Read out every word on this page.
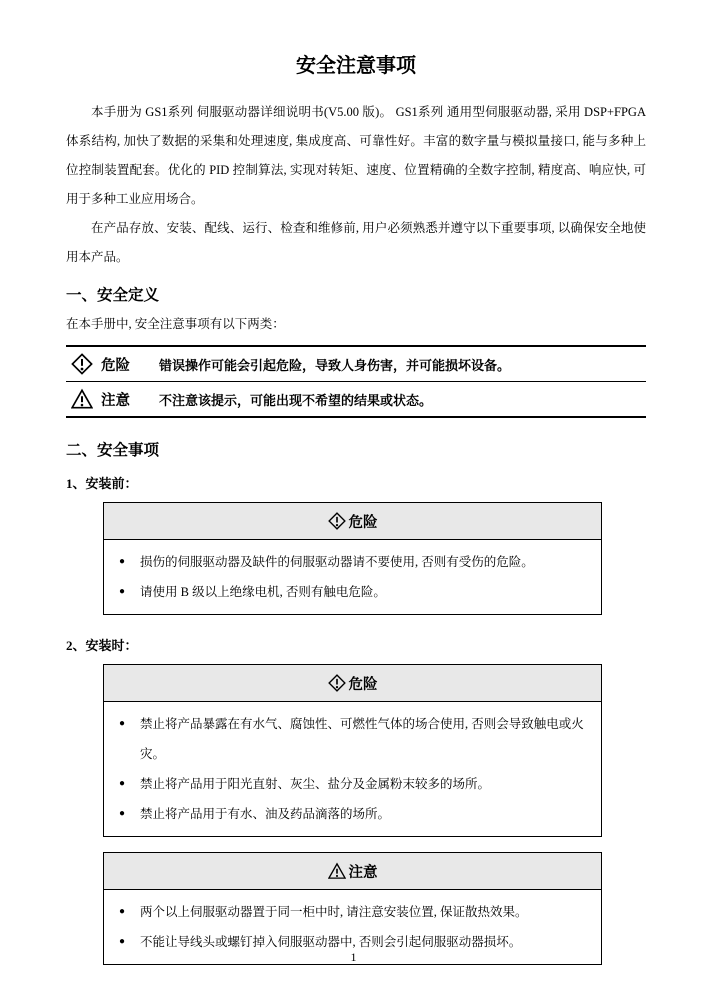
安全注意事项

本手册为 GS1系列 伺服驱动器详细说明书(V5.00 版)。 GS1系列 通用型伺服驱动器, 采用 DSP+FPGA 体系结构, 加快了数据的采集和处理速度, 集成度高、可靠性好。丰富的数字量与模拟量接口, 能与多种上位控制装置配套。优化的 PID 控制算法, 实现对转矩、速度、位置精确的全数字控制, 精度高、响应快, 可用于多种工业应用场合。

在产品存放、安装、配线、运行、检查和维修前, 用户必须熟悉并遵守以下重要事项, 以确保安全地使用本产品。

一、安全定义

在本手册中, 安全注意事项有以下两类：

危险	错误操作可能会引起危险，导致人身伤害，并可能损坏设备。
注意	不注意该提示，可能出现不希望的结果或状态。
二、安全事项

1、安装前：

危险
●	损伤的伺服驱动器及缺件的伺服驱动器请不要使用, 否则有受伤的危险。
●	请使用 B 级以上绝缘电机, 否则有触电危险。

2、安装时：

危险
●	禁止将产品暴露在有水气、腐蚀性、可燃性气体的场合使用, 否则会导致触电或火灾。
●	禁止将产品用于阳光直射、灰尘、盐分及金属粉末较多的场所。
●	禁止将产品用于有水、油及药品滴落的场所。
注意
●	两个以上伺服驱动器置于同一柜中时, 请注意安装位置, 保证散热效果。
●	不能让导线头或螺钉掉入伺服驱动器中, 否则会引起伺服驱动器损坏。
1
